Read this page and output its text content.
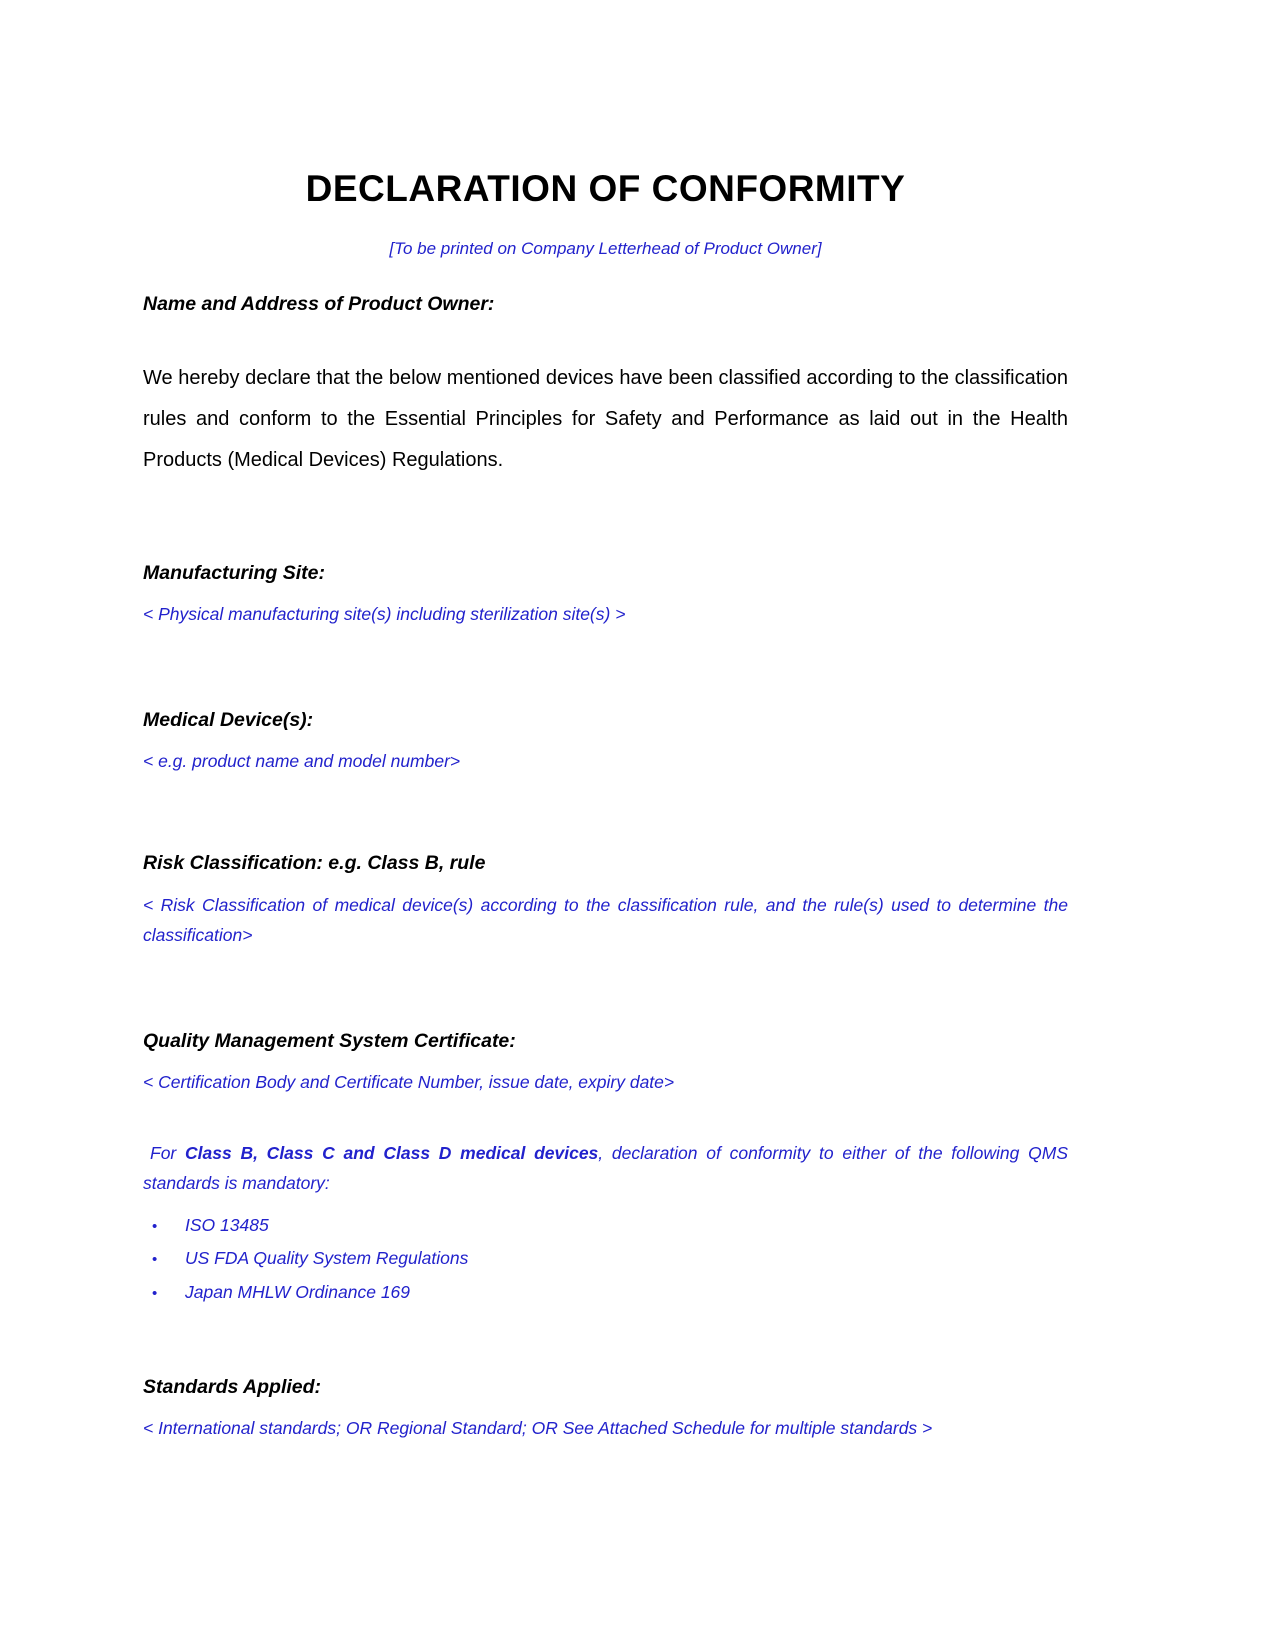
DECLARATION OF CONFORMITY
[To be printed on Company Letterhead of Product Owner]
Name and Address of Product Owner:

We hereby declare that the below mentioned devices have been classified according to the classification rules and conform to the Essential Principles for Safety and Performance as laid out in the Health Products (Medical Devices) Regulations.

Manufacturing Site:
< Physical manufacturing site(s) including sterilization site(s) >
Medical Device(s):
< e.g. product name and model number>
Risk Classification: e.g. Class B, rule
< Risk Classification of medical device(s) according to the classification rule, and the rule(s) used to determine the classification>
Quality Management System Certificate:
< Certification Body and Certificate Number, issue date, expiry date>

For Class B, Class C and Class D medical devices, declaration of conformity to either of the following QMS standards is mandatory:

•	ISO 13485
•	US FDA Quality System Regulations
•	Japan MHLW Ordinance 169
Standards Applied:
< International standards; OR Regional Standard; OR See Attached Schedule for multiple standards >
